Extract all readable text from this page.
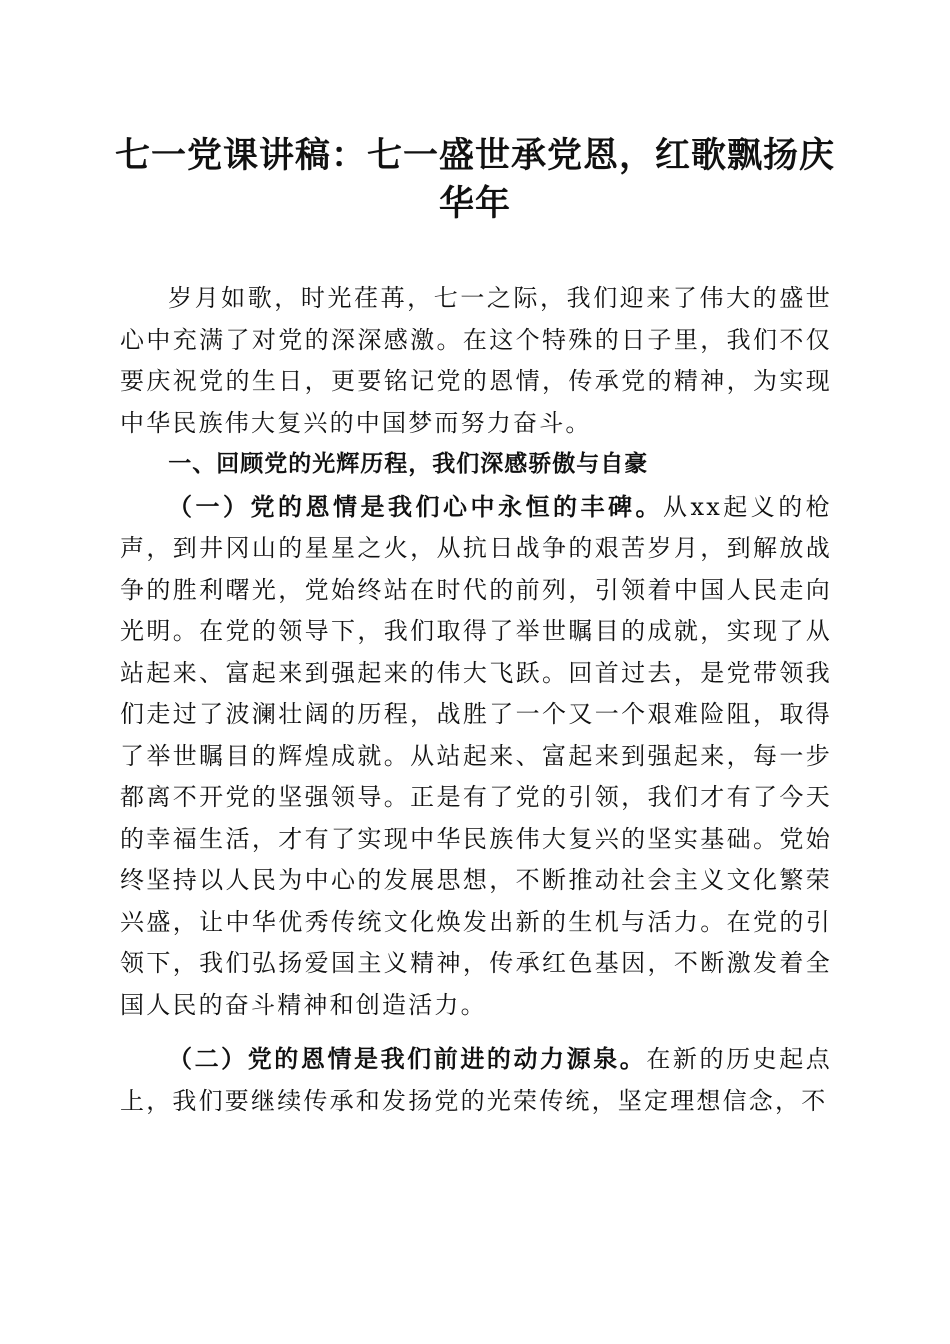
七一党课讲稿：七一盛世承党恩，红歌飘扬庆华年

岁月如歌，时光荏苒，七一之际，我们迎来了伟大的盛世心中充满了对党的深深感激。在这个特殊的日子里，我们不仅要庆祝党的生日，更要铭记党的恩情，传承党的精神，为实现中华民族伟大复兴的中国梦而努力奋斗。

一、回顾党的光辉历程，我们深感骄傲与自豪

（一）党的恩情是我们心中永恒的丰碑。从xx起义的枪声，到井冈山的星星之火，从抗日战争的艰苦岁月，到解放战争的胜利曙光，党始终站在时代的前列，引领着中国人民走向光明。在党的领导下，我们取得了举世瞩目的成就，实现了从站起来、富起来到强起来的伟大飞跃。回首过去，是党带领我们走过了波澜壮阔的历程，战胜了一个又一个艰难险阻，取得了举世瞩目的辉煌成就。从站起来、富起来到强起来，每一步都离不开党的坚强领导。正是有了党的引领，我们才有了今天的幸福生活，才有了实现中华民族伟大复兴的坚实基础。党始终坚持以人民为中心的发展思想，不断推动社会主义文化繁荣兴盛，让中华优秀传统文化焕发出新的生机与活力。在党的引领下，我们弘扬爱国主义精神，传承红色基因，不断激发着全国人民的奋斗精神和创造活力。

（二）党的恩情是我们前进的动力源泉。在新的历史起点上，我们要继续传承和发扬党的光荣传统，坚定理想信念，不
